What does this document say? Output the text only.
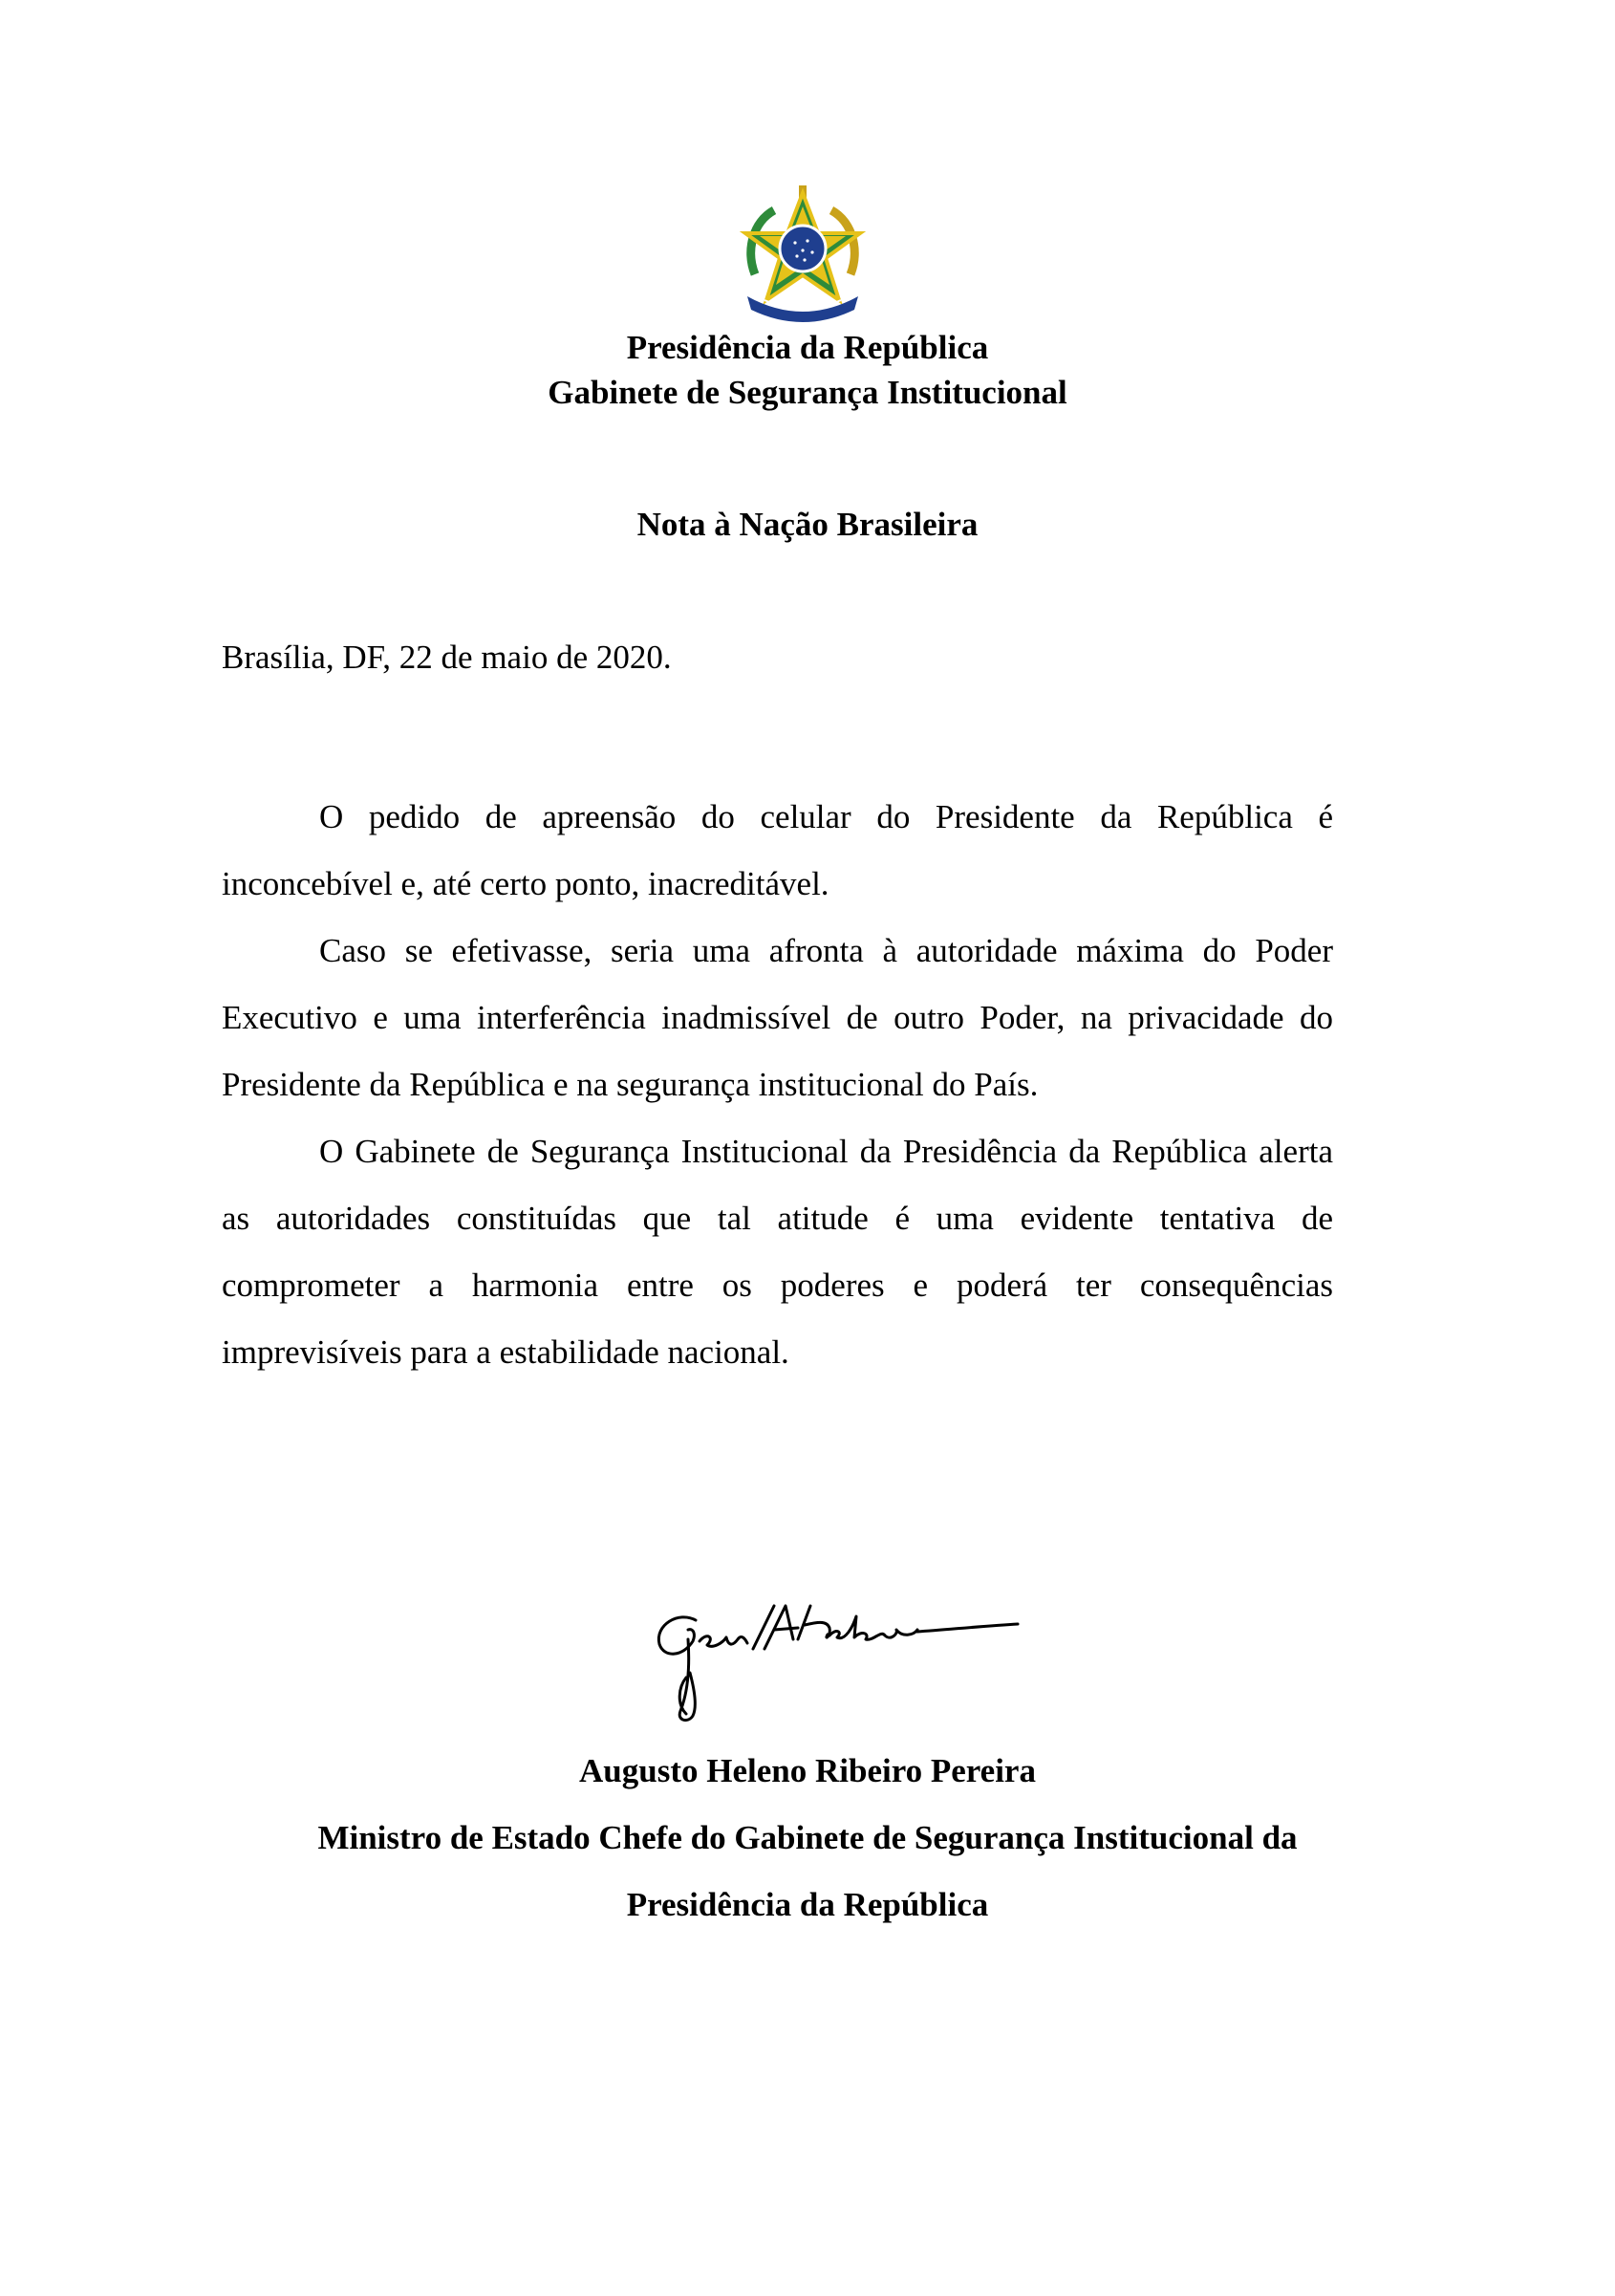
Presidência da República
Gabinete de Segurança Institucional
Nota à Nação Brasileira
Brasília, DF, 22 de maio de 2020.

O pedido de apreensão do celular do Presidente da República é inconcebível e, até certo ponto, inacreditável.

Caso se efetivasse, seria uma afronta à autoridade máxima do Poder Executivo e uma interferência inadmissível de outro Poder, na privacidade do Presidente da República e na segurança institucional do País.

O Gabinete de Segurança Institucional da Presidência da República alerta as autoridades constituídas que tal atitude é uma evidente tentativa de comprometer a harmonia entre os poderes e poderá ter consequências imprevisíveis para a estabilidade nacional.

Augusto Heleno Ribeiro Pereira
Ministro de Estado Chefe do Gabinete de Segurança Institucional da
Presidência da República
